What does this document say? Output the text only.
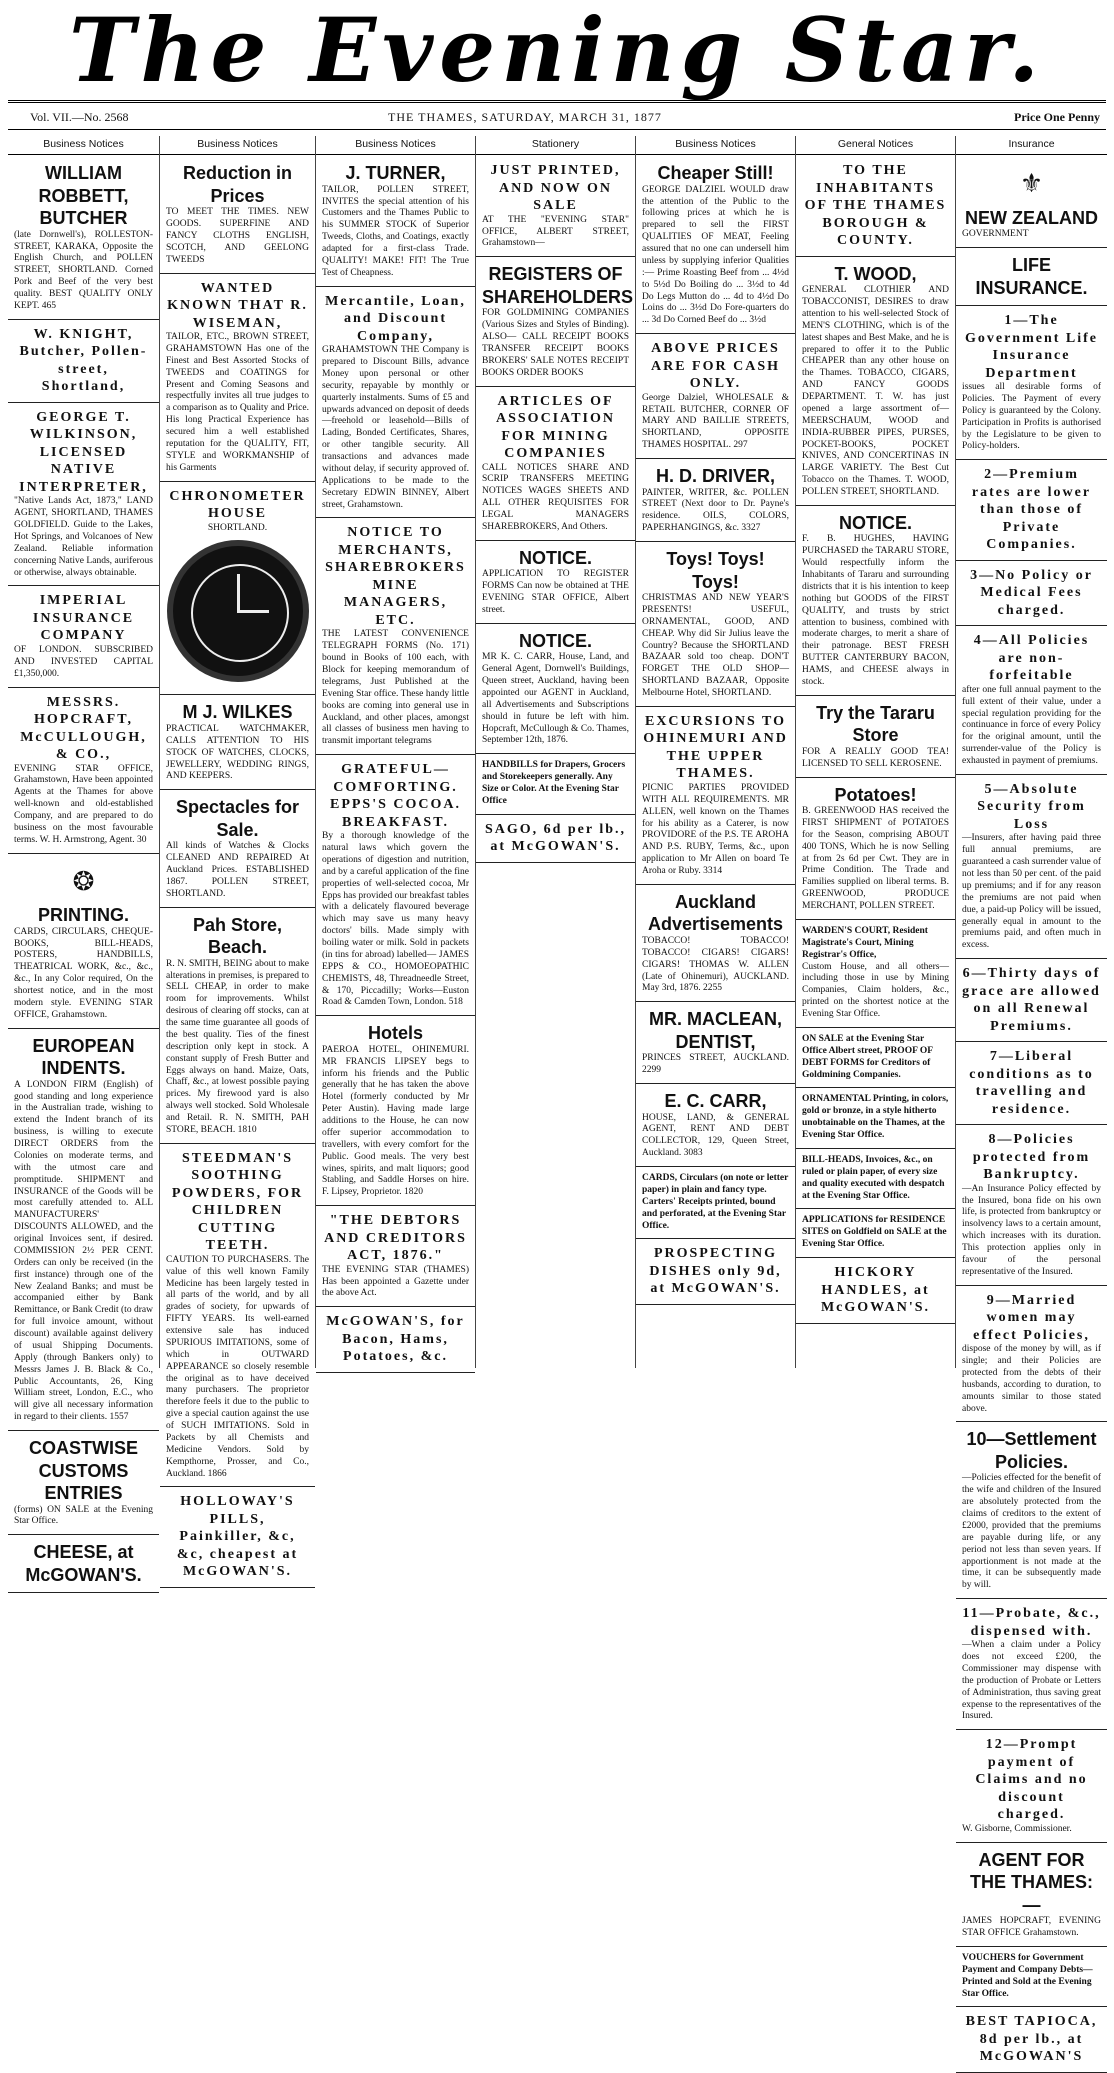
The Evening Star.
Vol. VII.—No. 2568	THE THAMES, SATURDAY, MARCH 31, 1877	Price One Penny
Business Notices
WILLIAM ROBBETT, BUTCHER
(late Dornwell's), ROLLESTON-STREET, KARAKA, Opposite the English Church, and POLLEN STREET, SHORTLAND. Corned Pork and Beef of the very best quality. BEST QUALITY ONLY KEPT. 465
W. KNIGHT, Butcher, Pollen-street, Shortland,
GEORGE T. WILKINSON, LICENSED NATIVE INTERPRETER,
"Native Lands Act, 1873," LAND AGENT, SHORTLAND, THAMES GOLDFIELD. Guide to the Lakes, Hot Springs, and Volcanoes of New Zealand. Reliable information concerning Native Lands, auriferous or otherwise, always obtainable.
IMPERIAL INSURANCE COMPANY
OF LONDON. SUBSCRIBED AND INVESTED CAPITAL £1,350,000.
MESSRS. HOPCRAFT, McCULLOUGH, & CO.,
EVENING STAR OFFICE, Grahamstown, Have been appointed Agents at the Thames for above well-known and old-established Company, and are prepared to do business on the most favourable terms. W. H. Armstrong, Agent. 30
❂
PRINTING.
CARDS, CIRCULARS, CHEQUE-BOOKS, BILL-HEADS, POSTERS, HANDBILLS, THEATRICAL WORK, &c., &c., &c., In any Color required, On the shortest notice, and in the most modern style. EVENING STAR OFFICE, Grahamstown.
EUROPEAN INDENTS.
A LONDON FIRM (English) of good standing and long experience in the Australian trade, wishing to extend the Indent branch of its business, is willing to execute DIRECT ORDERS from the Colonies on moderate terms, and with the utmost care and promptitude. SHIPMENT and INSURANCE of the Goods will be most carefully attended to. ALL MANUFACTURERS' DISCOUNTS ALLOWED, and the original Invoices sent, if desired. COMMISSION 2½ PER CENT. Orders can only be received (in the first instance) through one of the New Zealand Banks; and must be accompanied either by Bank Remittance, or Bank Credit (to draw for full invoice amount, without discount) available against delivery of usual Shipping Documents. Apply (through Bankers only) to Messrs James J. B. Black & Co., Public Accountants, 26, King William street, London, E.C., who will give all necessary information in regard to their clients. 1557
COASTWISE CUSTOMS ENTRIES
(forms) ON SALE at the Evening Star Office.
CHEESE, at McGOWAN'S.
Business Notices
Reduction in Prices
TO MEET THE TIMES. NEW GOODS. SUPERFINE AND FANCY CLOTHS ENGLISH, SCOTCH, AND GEELONG TWEEDS
WANTED KNOWN THAT R. WISEMAN,
TAILOR, ETC., BROWN STREET, GRAHAMSTOWN Has one of the Finest and Best Assorted Stocks of TWEEDS and COATINGS for Present and Coming Seasons and respectfully invites all true judges to a comparison as to Quality and Price. His long Practical Experience has secured him a well established reputation for the QUALITY, FIT, STYLE and WORKMANSHIP of his Garments
CHRONOMETER HOUSE
SHORTLAND.
M J. WILKES
PRACTICAL WATCHMAKER, CALLS ATTENTION TO HIS STOCK OF WATCHES, CLOCKS, JEWELLERY, WEDDING RINGS, AND KEEPERS.
Spectacles for Sale.
All kinds of Watches & Clocks CLEANED AND REPAIRED At Auckland Prices. ESTABLISHED 1867. POLLEN STREET, SHORTLAND.
Pah Store, Beach.
R. N. SMITH, BEING about to make alterations in premises, is prepared to SELL CHEAP, in order to make room for improvements. Whilst desirous of clearing off stocks, can at the same time guarantee all goods of the best quality. Ties of the finest description only kept in stock. A constant supply of Fresh Butter and Eggs always on hand. Maize, Oats, Chaff, &c., at lowest possible paying prices. My firewood yard is also always well stocked. Sold Wholesale and Retail. R. N. SMITH, PAH STORE, BEACH. 1810
STEEDMAN'S SOOTHING POWDERS, FOR CHILDREN CUTTING TEETH.
CAUTION TO PURCHASERS. The value of this well known Family Medicine has been largely tested in all parts of the world, and by all grades of society, for upwards of FIFTY YEARS. Its well-earned extensive sale has induced SPURIOUS IMITATIONS, some of which in OUTWARD APPEARANCE so closely resemble the original as to have deceived many purchasers. The proprietor therefore feels it due to the public to give a special caution against the use of SUCH IMITATIONS. Sold in Packets by all Chemists and Medicine Vendors. Sold by Kempthorne, Prosser, and Co., Auckland. 1866
HOLLOWAY'S PILLS, Painkiller, &c, &c, cheapest at McGOWAN'S.
Business Notices
J. TURNER,
TAILOR, POLLEN STREET, INVITES the special attention of his Customers and the Thames Public to his SUMMER STOCK of Superior Tweeds, Cloths, and Coatings, exactly adapted for a first-class Trade. QUALITY! MAKE! FIT! The True Test of Cheapness.
Mercantile, Loan, and Discount Company,
GRAHAMSTOWN THE Company is prepared to Discount Bills, advance Money upon personal or other security, repayable by monthly or quarterly instalments. Sums of £5 and upwards advanced on deposit of deeds—freehold or leasehold—Bills of Lading, Bonded Certificates, Shares, or other tangible security. All transactions and advances made without delay, if security approved of. Applications to be made to the Secretary EDWIN BINNEY, Albert street, Grahamstown.
NOTICE TO MERCHANTS, SHAREBROKERS MINE MANAGERS, ETC.
THE LATEST CONVENIENCE TELEGRAPH FORMS (No. 171) bound in Books of 100 each, with Block for keeping memorandum of telegrams, Just Published at the Evening Star office. These handy little books are coming into general use in Auckland, and other places, amongst all classes of business men having to transmit important telegrams
GRATEFUL—COMFORTING. EPPS'S COCOA. BREAKFAST.
By a thorough knowledge of the natural laws which govern the operations of digestion and nutrition, and by a careful application of the fine properties of well-selected cocoa, Mr Epps has provided our breakfast tables with a delicately flavoured beverage which may save us many heavy doctors' bills. Made simply with boiling water or milk. Sold in packets (in tins for abroad) labelled— JAMES EPPS & CO., HOMOEOPATHIC CHEMISTS, 48, Threadneedle Street, & 170, Piccadilly; Works—Euston Road & Camden Town, London. 518
Hotels
PAEROA HOTEL, OHINEMURI. MR FRANCIS LIPSEY begs to inform his friends and the Public generally that he has taken the above Hotel (formerly conducted by Mr Peter Austin). Having made large additions to the House, he can now offer superior accommodation to travellers, with every comfort for the Public. Good meals. The very best wines, spirits, and malt liquors; good Stabling, and Saddle Horses on hire. F. Lipsey, Proprietor. 1820
"THE DEBTORS AND CREDITORS ACT, 1876."
THE EVENING STAR (THAMES) Has been appointed a Gazette under the above Act.
McGOWAN'S, for Bacon, Hams, Potatoes, &c.
Stationery
JUST PRINTED, AND NOW ON SALE
AT THE "EVENING STAR" OFFICE, ALBERT STREET, Grahamstown—
REGISTERS OF SHAREHOLDERS
FOR GOLDMINING COMPANIES (Various Sizes and Styles of Binding). ALSO— CALL RECEIPT BOOKS TRANSFER RECEIPT BOOKS BROKERS' SALE NOTES RECEIPT BOOKS ORDER BOOKS
ARTICLES OF ASSOCIATION FOR MINING COMPANIES
CALL NOTICES SHARE AND SCRIP TRANSFERS MEETING NOTICES WAGES SHEETS AND ALL OTHER REQUISITES FOR LEGAL MANAGERS SHAREBROKERS, And Others.
NOTICE.
APPLICATION TO REGISTER FORMS Can now be obtained at THE EVENING STAR OFFICE, Albert street.
NOTICE.
MR K. C. CARR, House, Land, and General Agent, Dornwell's Buildings, Queen street, Auckland, having been appointed our AGENT in Auckland, all Advertisements and Subscriptions should in future be left with him. Hopcraft, McCullough & Co. Thames, September 12th, 1876.
HANDBILLS for Drapers, Grocers and Storekeepers generally. Any Size or Color. At the Evening Star Office
SAGO, 6d per lb., at McGOWAN'S.
Business Notices
Cheaper Still!
GEORGE DALZIEL WOULD draw the attention of the Public to the following prices at which he is prepared to sell the FIRST QUALITIES OF MEAT, Feeling assured that no one can undersell him unless by supplying inferior Qualities :— Prime Roasting Beef from ... 4½d to 5½d Do Boiling do ... 3½d to 4d Do Legs Mutton do ... 4d to 4½d Do Loins do ... 3½d Do Fore-quarters do ... 3d Do Corned Beef do ... 3½d
ABOVE PRICES ARE FOR CASH ONLY.
George Dalziel, WHOLESALE & RETAIL BUTCHER, CORNER OF MARY AND BAILLIE STREETS, SHORTLAND, OPPOSITE THAMES HOSPITAL. 297
H. D. DRIVER,
PAINTER, WRITER, &c. POLLEN STREET (Next door to Dr. Payne's residence. OILS, COLORS, PAPERHANGINGS, &c. 3327
Toys! Toys! Toys!
CHRISTMAS AND NEW YEAR'S PRESENTS! USEFUL, ORNAMENTAL, GOOD, AND CHEAP. Why did Sir Julius leave the Country? Because the SHORTLAND BAZAAR sold too cheap. DON'T FORGET THE OLD SHOP— SHORTLAND BAZAAR, Opposite Melbourne Hotel, SHORTLAND.
EXCURSIONS TO OHINEMURI AND THE UPPER THAMES.
PICNIC PARTIES PROVIDED WITH ALL REQUIREMENTS. MR ALLEN, well known on the Thames for his ability as a Caterer, is now PROVIDORE of the P.S. TE AROHA AND P.S. RUBY, Terms, &c., upon application to Mr Allen on board Te Aroha or Ruby. 3314
Auckland Advertisements
TOBACCO! TOBACCO! TOBACCO! CIGARS! CIGARS! CIGARS! THOMAS W. ALLEN (Late of Ohinemuri), AUCKLAND. May 3rd, 1876. 2255
MR. MACLEAN, DENTIST,
PRINCES STREET, AUCKLAND. 2299
E. C. CARR,
HOUSE, LAND, & GENERAL AGENT, RENT AND DEBT COLLECTOR, 129, Queen Street, Auckland. 3083
CARDS, Circulars (on note or letter paper) in plain and fancy type. Carters' Receipts printed, bound and perforated, at the Evening Star Office.
PROSPECTING DISHES only 9d, at McGOWAN'S.
General Notices
TO THE INHABITANTS OF THE THAMES BOROUGH & COUNTY.
T. WOOD,
GENERAL CLOTHIER AND TOBACCONIST, DESIRES to draw attention to his well-selected Stock of MEN'S CLOTHING, which is of the latest shapes and Best Make, and he is prepared to offer it to the Public CHEAPER than any other house on the Thames. TOBACCO, CIGARS, AND FANCY GOODS DEPARTMENT. T. W. has just opened a large assortment of— MEERSCHAUM, WOOD and INDIA-RUBBER PIPES, PURSES, POCKET-BOOKS, POCKET KNIVES, AND CONCERTINAS IN LARGE VARIETY. The Best Cut Tobacco on the Thames. T. WOOD, POLLEN STREET, SHORTLAND.
NOTICE.
F. B. HUGHES, HAVING PURCHASED the TARARU STORE, Would respectfully inform the Inhabitants of Tararu and surrounding districts that it is his intention to keep nothing but GOODS of the FIRST QUALITY, and trusts by strict attention to business, combined with moderate charges, to merit a share of their patronage. BEST FRESH BUTTER CANTERBURY BACON, HAMS, and CHEESE always in stock.
Try the Tararu Store
FOR A REALLY GOOD TEA! LICENSED TO SELL KEROSENE.
Potatoes!
B. GREENWOOD HAS received the FIRST SHIPMENT of POTATOES for the Season, comprising ABOUT 400 TONS, Which he is now Selling at from 2s 6d per Cwt. They are in Prime Condition. The Trade and Families supplied on liberal terms. B. GREENWOOD, PRODUCE MERCHANT, POLLEN STREET.
WARDEN'S COURT, Resident Magistrate's Court, Mining Registrar's Office,
Custom House, and all others—including those in use by Mining Companies, Claim holders, &c., printed on the shortest notice at the Evening Star Office.
ON SALE at the Evening Star Office Albert street, PROOF OF DEBT FORMS for Creditors of Goldmining Companies.
ORNAMENTAL Printing, in colors, gold or bronze, in a style hitherto unobtainable on the Thames, at the Evening Star Office.
BILL-HEADS, Invoices, &c., on ruled or plain paper, of every size and quality executed with despatch at the Evening Star Office.
APPLICATIONS for RESIDENCE SITES on Goldfield on SALE at the Evening Star Office.
HICKORY HANDLES, at McGOWAN'S.
Insurance
⚜
NEW ZEALAND
GOVERNMENT
LIFE INSURANCE.
1—The Government Life Insurance Department
issues all desirable forms of Policies. The Payment of every Policy is guaranteed by the Colony. Participation in Profits is authorised by the Legislature to be given to Policy-holders.
2—Premium rates are lower than those of Private Companies.
3—No Policy or Medical Fees charged.
4—All Policies are non-forfeitable
after one full annual payment to the full extent of their value, under a special regulation providing for the continuance in force of every Policy for the original amount, until the surrender-value of the Policy is exhausted in payment of premiums.
5—Absolute Security from Loss
—Insurers, after having paid three full annual premiums, are guaranteed a cash surrender value of not less than 50 per cent. of the paid up premiums; and if for any reason the premiums are not paid when due, a paid-up Policy will be issued, generally equal in amount to the premiums paid, and often much in excess.
6—Thirty days of grace are allowed on all Renewal Premiums.
7—Liberal conditions as to travelling and residence.
8—Policies protected from Bankruptcy.
—An Insurance Policy effected by the Insured, bona fide on his own life, is protected from bankruptcy or insolvency laws to a certain amount, which increases with its duration. This protection applies only in favour of the personal representative of the Insured.
9—Married women may effect Policies,
dispose of the money by will, as if single; and their Policies are protected from the debts of their husbands, according to duration, to amounts similar to those stated above.
10—Settlement Policies.
—Policies effected for the benefit of the wife and children of the Insured are absolutely protected from the claims of creditors to the extent of £2000, provided that the premiums are payable during life, or any period not less than seven years. If apportionment is not made at the time, it can be subsequently made by will.
11—Probate, &c., dispensed with.
—When a claim under a Policy does not exceed £200, the Commissioner may dispense with the production of Probate or Letters of Administration, thus saving great expense to the representatives of the Insured.
12—Prompt payment of Claims and no discount charged.
W. Gisborne, Commissioner.
AGENT FOR THE THAMES:—
JAMES HOPCRAFT, EVENING STAR OFFICE Grahamstown.
VOUCHERS for Government Payment and Company Debts—Printed and Sold at the Evening Star Office.
BEST TAPIOCA, 8d per lb., at McGOWAN'S
